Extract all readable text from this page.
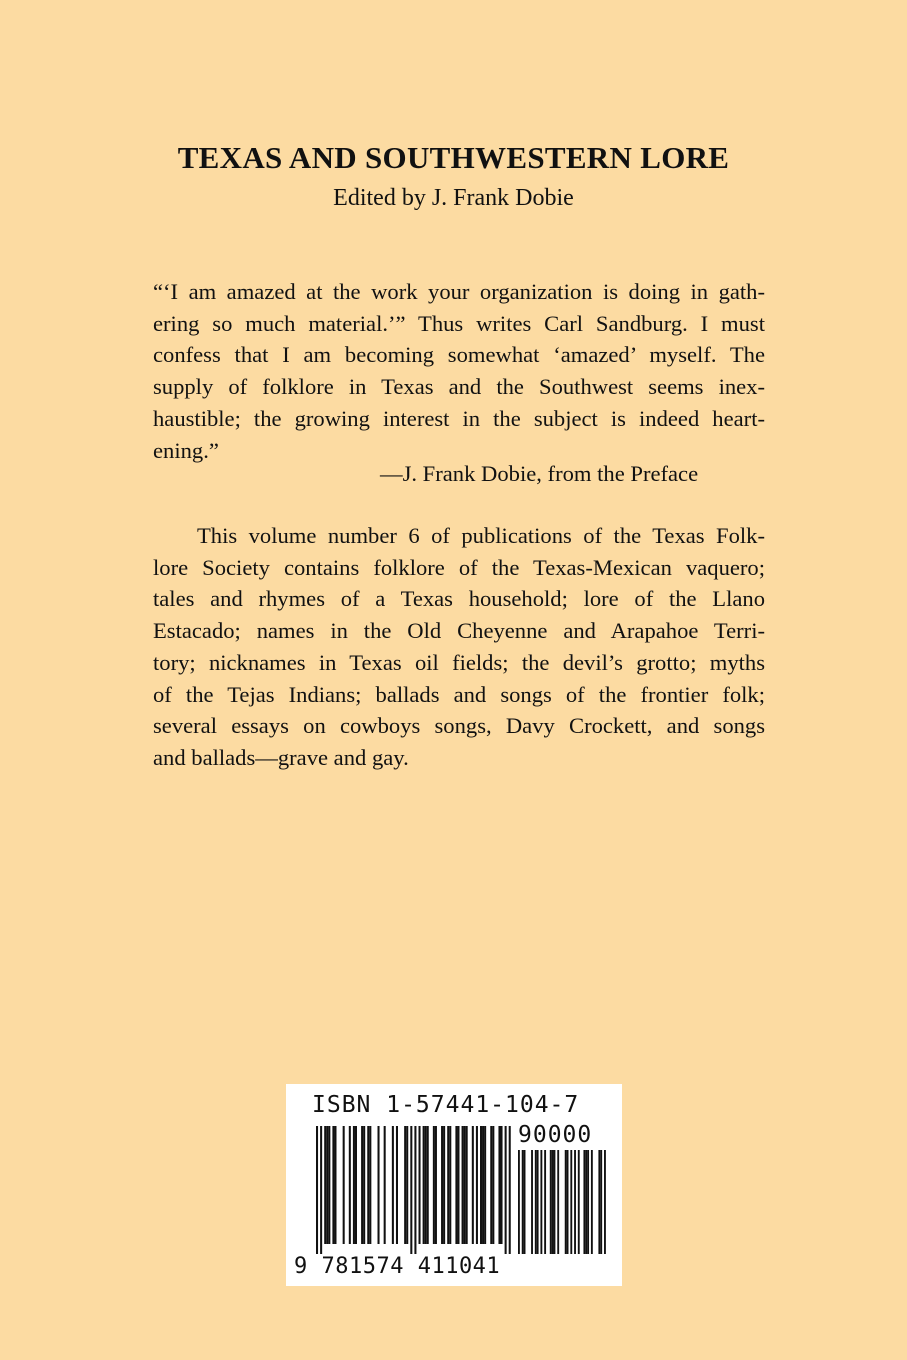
TEXAS AND SOUTHWESTERN LORE

Edited by J. Frank Dobie

“‘I am amazed at the work your organization is doing in gath-
ering so much material.’” Thus writes Carl Sandburg. I must
confess that I am becoming somewhat ‘amazed’ myself. The
supply of folklore in Texas and the Southwest seems inex-
haustible; the growing interest in the subject is indeed heart-
ening.”

—J. Frank Dobie, from the Preface

This volume number 6 of publications of the Texas Folk-
lore Society contains folklore of the Texas-Mexican vaquero;
tales and rhymes of a Texas household; lore of the Llano
Estacado; names in the Old Cheyenne and Arapahoe Terri-
tory; nicknames in Texas oil fields; the devil’s grotto; myths
of the Tejas Indians; ballads and songs of the frontier folk;
several essays on cowboys songs, Davy Crockett, and songs
and ballads—grave and gay.
ISBN 1-57441-104-7
90000
9 781574 411041
